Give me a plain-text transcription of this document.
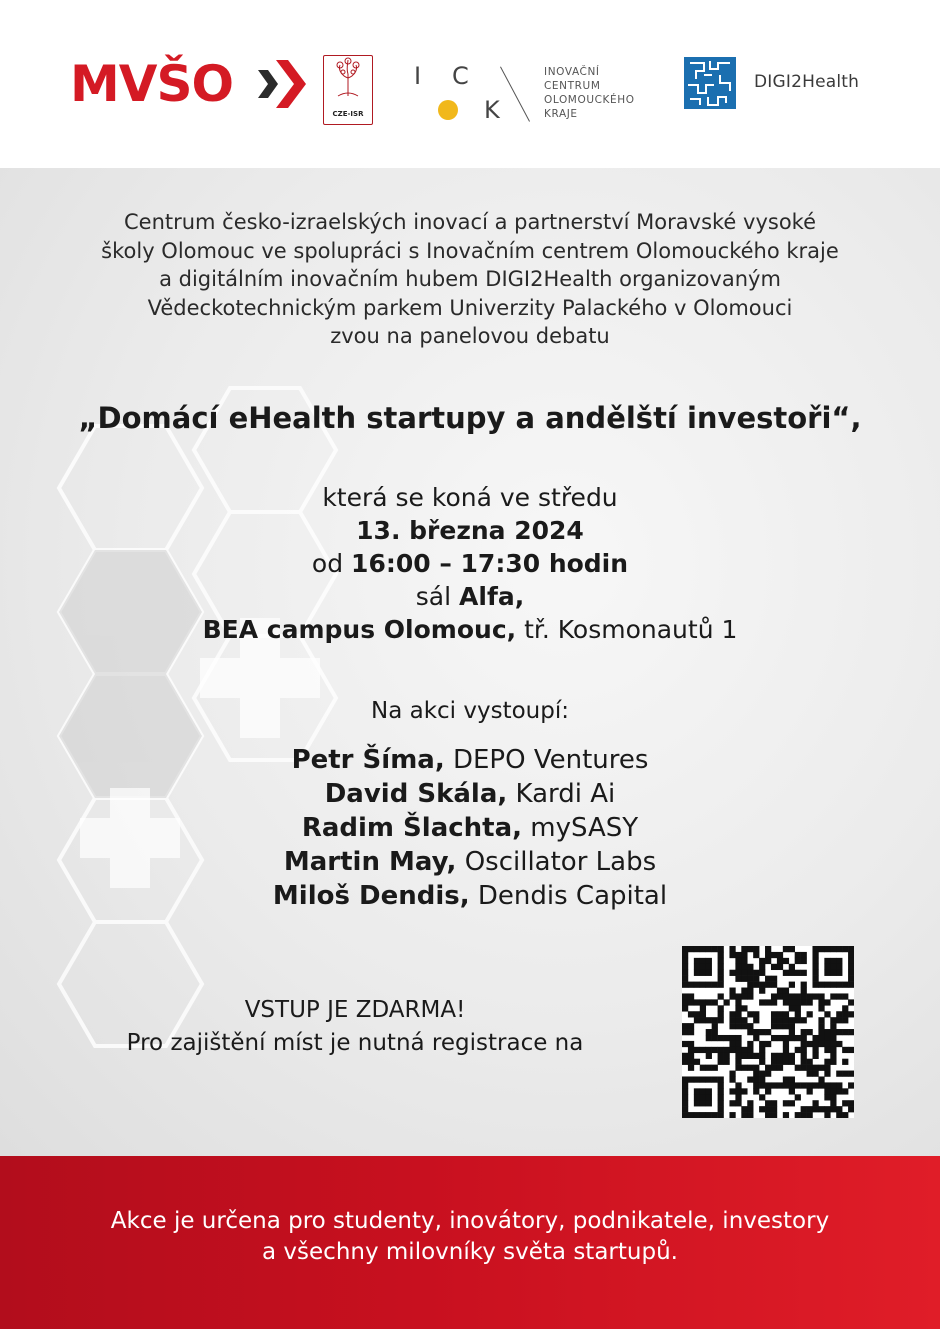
MVŠO
CZE-ISR
I C
K
INOVAČNÍ
CENTRUM
OLOMOUCKÉHO
KRAJE
DIGI2Health
Centrum česko-izraelských inovací a partnerství Moravské vysoké
školy Olomouc ve spolupráci s Inovačním centrem Olomouckého kraje
a digitálním inovačním hubem DIGI2Health organizovaným
Vědeckotechnickým parkem Univerzity Palackého v Olomouci
zvou na panelovou debatu
„Domácí eHealth startupy a andělští investoři“,
která se koná ve středu
13. března 2024
od 16:00 – 17:30 hodin
sál Alfa,
BEA campus Olomouc, tř. Kosmonautů 1
Na akci vystoupí:
Petr Šíma, DEPO Ventures
David Skála, Kardi Ai
Radim Šlachta, mySASY
Martin May, Oscillator Labs
Miloš Dendis, Dendis Capital
VSTUP JE ZDARMA!
Pro zajištění míst je nutná registrace na
Akce je určena pro studenty, inovátory, podnikatele, investory
a všechny milovníky světa startupů.
